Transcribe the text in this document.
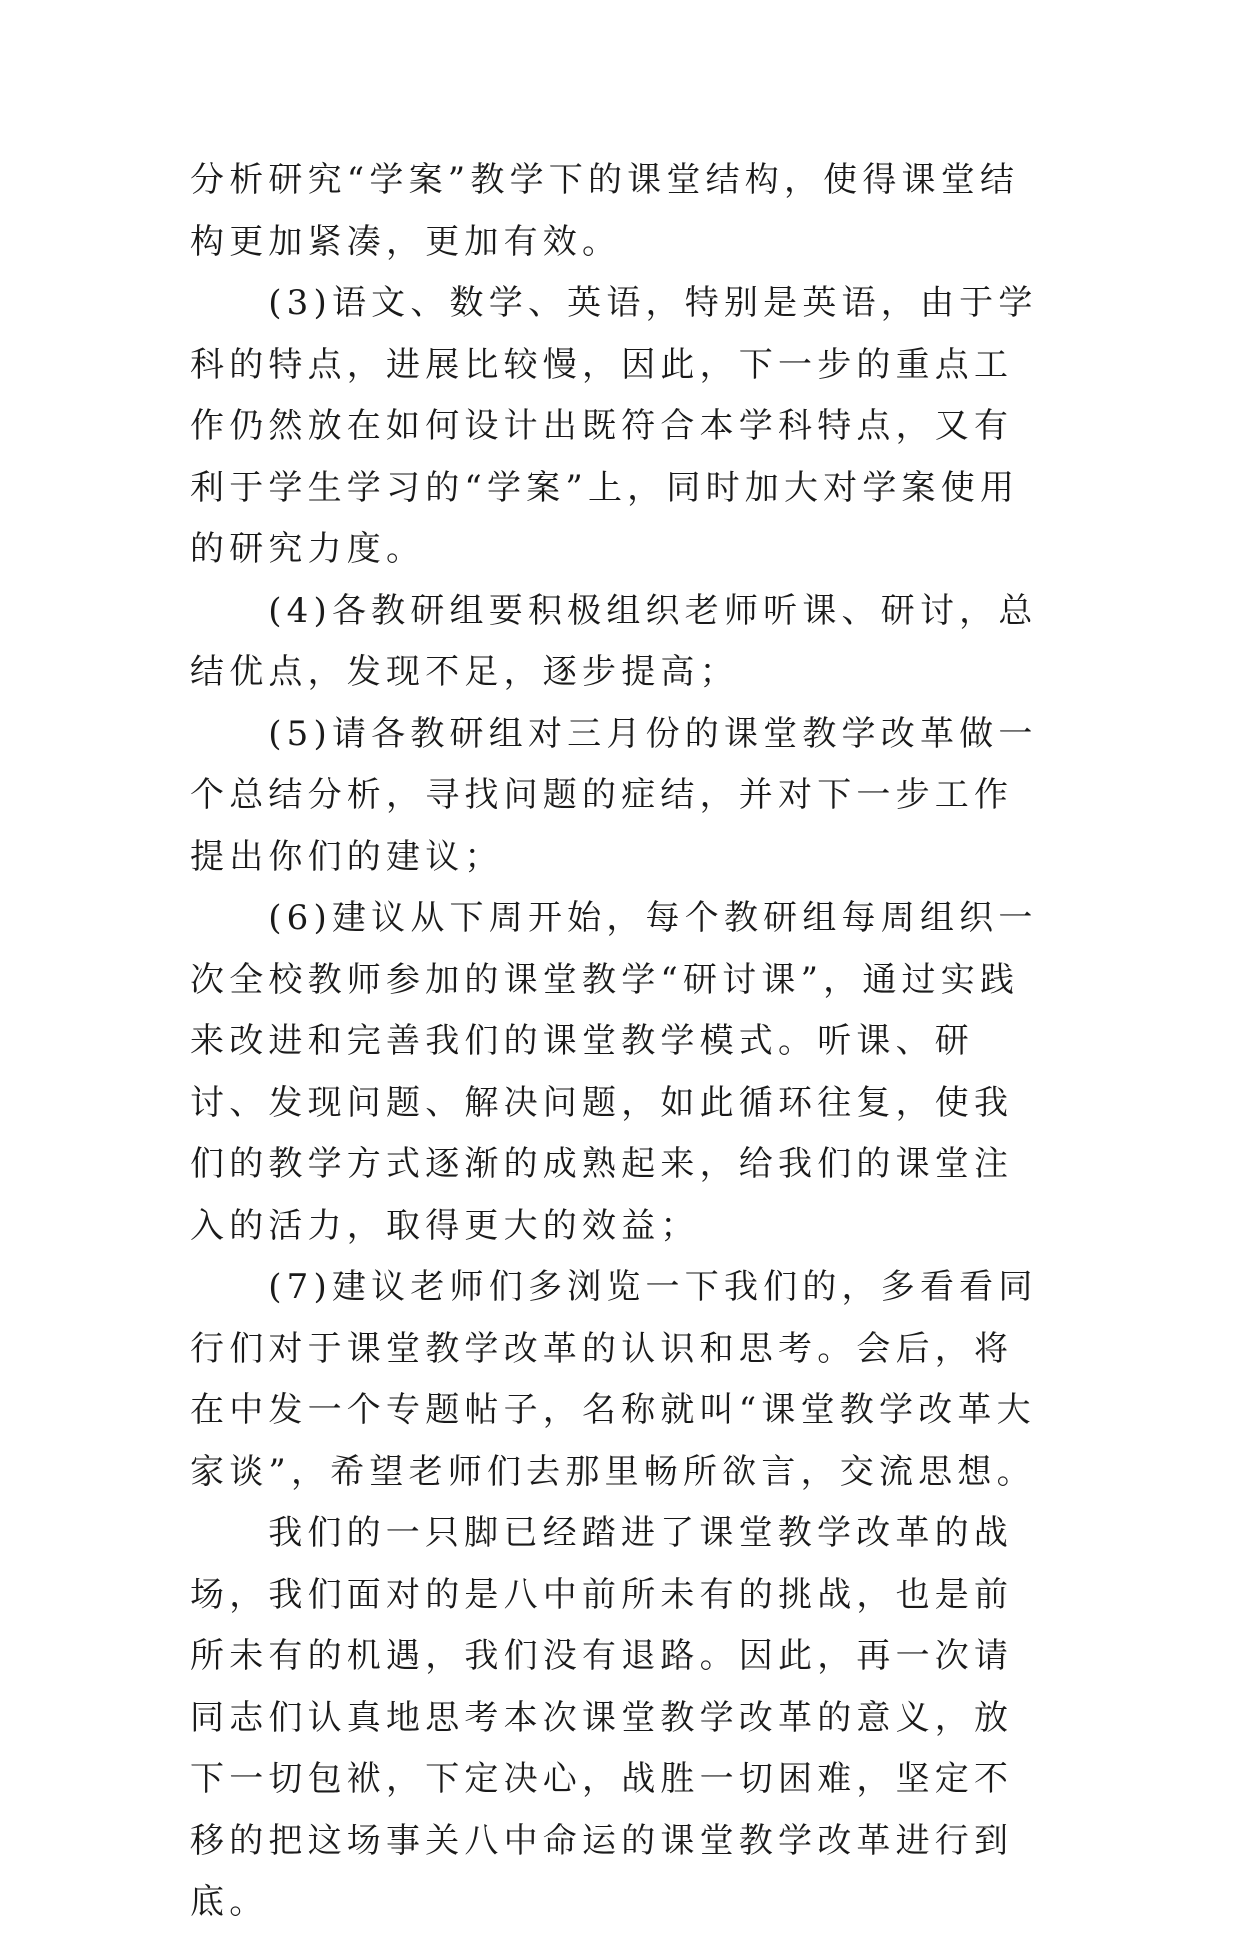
分析研究“学案”教学下的课堂结构，使得课堂结构更加紧凑，更加有效。

(3)语文、数学、英语，特别是英语，由于学科的特点，进展比较慢，因此，下一步的重点工作仍然放在如何设计出既符合本学科特点，又有利于学生学习的“学案”上，同时加大对学案使用的研究力度。

(4)各教研组要积极组织老师听课、研讨，总结优点，发现不足，逐步提高；

(5)请各教研组对三月份的课堂教学改革做一个总结分析，寻找问题的症结，并对下一步工作提出你们的建议；

(6)建议从下周开始，每个教研组每周组织一次全校教师参加的课堂教学“研讨课”，通过实践来改进和完善我们的课堂教学模式。听课、研讨、发现问题、解决问题，如此循环往复，使我们的教学方式逐渐的成熟起来，给我们的课堂注入的活力，取得更大的效益；

(7)建议老师们多浏览一下我们的，多看看同行们对于课堂教学改革的认识和思考。会后，将在中发一个专题帖子，名称就叫“课堂教学改革大家谈”，希望老师们去那里畅所欲言，交流思想。

我们的一只脚已经踏进了课堂教学改革的战场，我们面对的是八中前所未有的挑战，也是前所未有的机遇，我们没有退路。因此，再一次请同志们认真地思考本次课堂教学改革的意义，放下一切包袱，下定决心，战胜一切困难，坚定不移的把这场事关八中命运的课堂教学改革进行到底。
